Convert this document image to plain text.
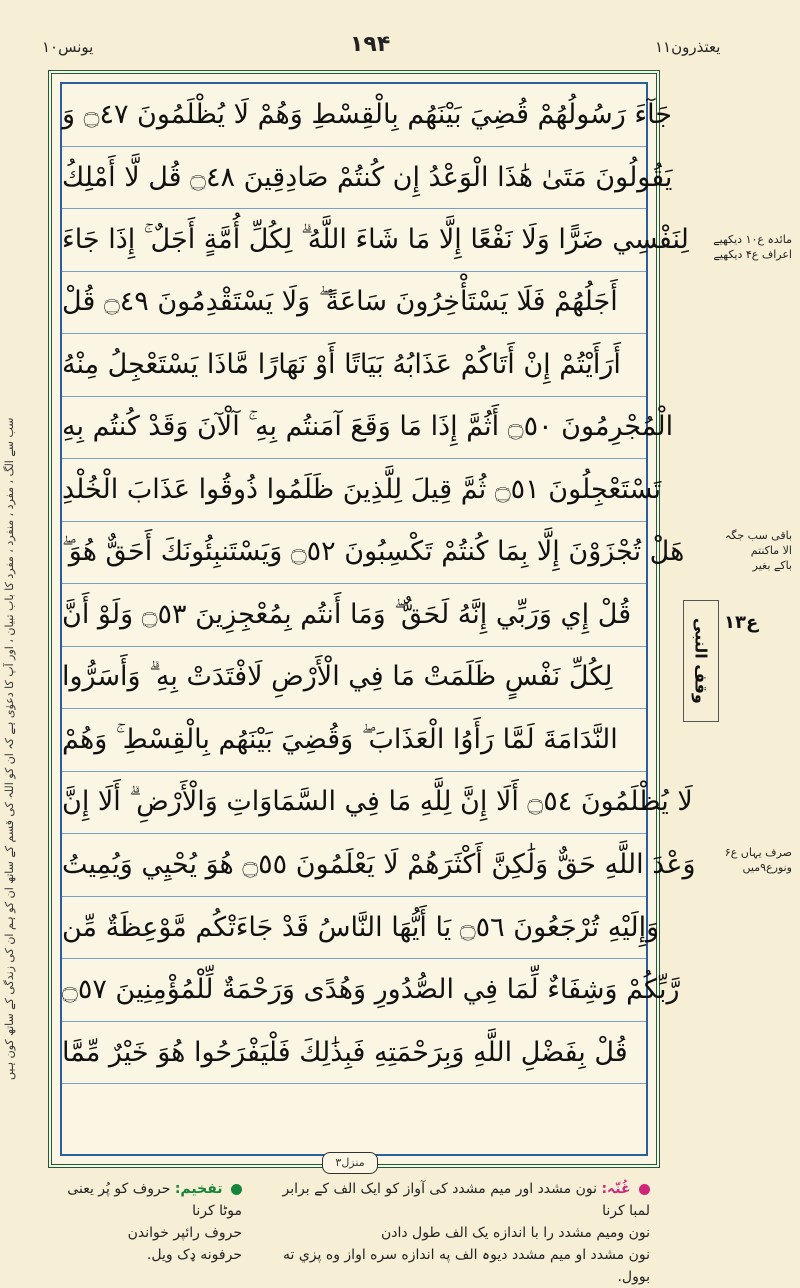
یونس۱۰	۱۹۴	یعتذرون۱۱
سب سے الگ ، مفرد ، منفرد ، مفرد کا باب تبیان ، اور آپ کا دعوٰی ہے کہ ان کو اللہ کی قسم کے ساتھ ان کو ہم ان کی زندگی کے ساتھ کون ہیں
جَآءَ رَسُولُهُمْ قُضِيَ بَيْنَهُم بِالْقِسْطِ وَهُمْ لَا يُظْلَمُونَ ۝٤٧ وَ
يَقُولُونَ مَتَىٰ هَٰذَا الْوَعْدُ إِن كُنتُمْ صَادِقِينَ ۝٤٨ قُل لَّا أَمْلِكُ
لِنَفْسِي ضَرًّا وَلَا نَفْعًا إِلَّا مَا شَاءَ اللَّهُ ۗ لِكُلِّ أُمَّةٍ أَجَلٌ ۚ إِذَا جَاءَ
أَجَلُهُمْ فَلَا يَسْتَأْخِرُونَ سَاعَةً ۖ وَلَا يَسْتَقْدِمُونَ ۝٤٩ قُلْ
أَرَأَيْتُمْ إِنْ أَتَاكُمْ عَذَابُهُ بَيَاتًا أَوْ نَهَارًا مَّاذَا يَسْتَعْجِلُ مِنْهُ
الْمُجْرِمُونَ ۝٥٠ أَثُمَّ إِذَا مَا وَقَعَ آمَنتُم بِهِ ۚ آلْآنَ وَقَدْ كُنتُم بِهِ
تَسْتَعْجِلُونَ ۝٥١ ثُمَّ قِيلَ لِلَّذِينَ ظَلَمُوا ذُوقُوا عَذَابَ الْخُلْدِ
هَلْ تُجْزَوْنَ إِلَّا بِمَا كُنتُمْ تَكْسِبُونَ ۝٥٢ وَيَسْتَنبِئُونَكَ أَحَقٌّ هُوَ ۖ
قُلْ إِي وَرَبِّي إِنَّهُ لَحَقٌّ ۖ وَمَا أَنتُم بِمُعْجِزِينَ ۝٥٣ وَلَوْ أَنَّ
لِكُلِّ نَفْسٍ ظَلَمَتْ مَا فِي الْأَرْضِ لَافْتَدَتْ بِهِ ۗ وَأَسَرُّوا
النَّدَامَةَ لَمَّا رَأَوُا الْعَذَابَ ۖ وَقُضِيَ بَيْنَهُم بِالْقِسْطِ ۚ وَهُمْ
لَا يُظْلَمُونَ ۝٥٤ أَلَا إِنَّ لِلَّهِ مَا فِي السَّمَاوَاتِ وَالْأَرْضِ ۗ أَلَا إِنَّ
وَعْدَ اللَّهِ حَقٌّ وَلَٰكِنَّ أَكْثَرَهُمْ لَا يَعْلَمُونَ ۝٥٥ هُوَ يُحْيِي وَيُمِيتُ
وَإِلَيْهِ تُرْجَعُونَ ۝٥٦ يَا أَيُّهَا النَّاسُ قَدْ جَاءَتْكُم مَّوْعِظَةٌ مِّن
رَّبِّكُمْ وَشِفَاءٌ لِّمَا فِي الصُّدُورِ وَهُدًى وَرَحْمَةٌ لِّلْمُؤْمِنِينَ ۝٥٧
قُلْ بِفَضْلِ اللَّهِ وَبِرَحْمَتِهِ فَبِذَٰلِكَ فَلْيَفْرَحُوا هُوَ خَيْرٌ مِّمَّا
مائدہ ع۱۰ دیکھیے
اعراف ع۴ دیکھیے
باقی سب جگہ
الا ماکنتم
باکے بغیر
وقف النبی ع۱۳
صرف یہاں ع۶
ونورع۹میں
منزل۳
غُنّہ: نون مشدد اور میم مشدد کی آواز کو ایک الف کے برابر لمبا کرنا
نون وميم مشدد را با اندازه يک الف طول دادن
نون مشدد او میم مشدد دیوہ الف په اندازه سره اواز وه پزي ته بوول.
تفخیم: حروف کو پُر یعنی موٹا کرنا
حروف رائپر خواندن
حرفونه ډک ویل.
